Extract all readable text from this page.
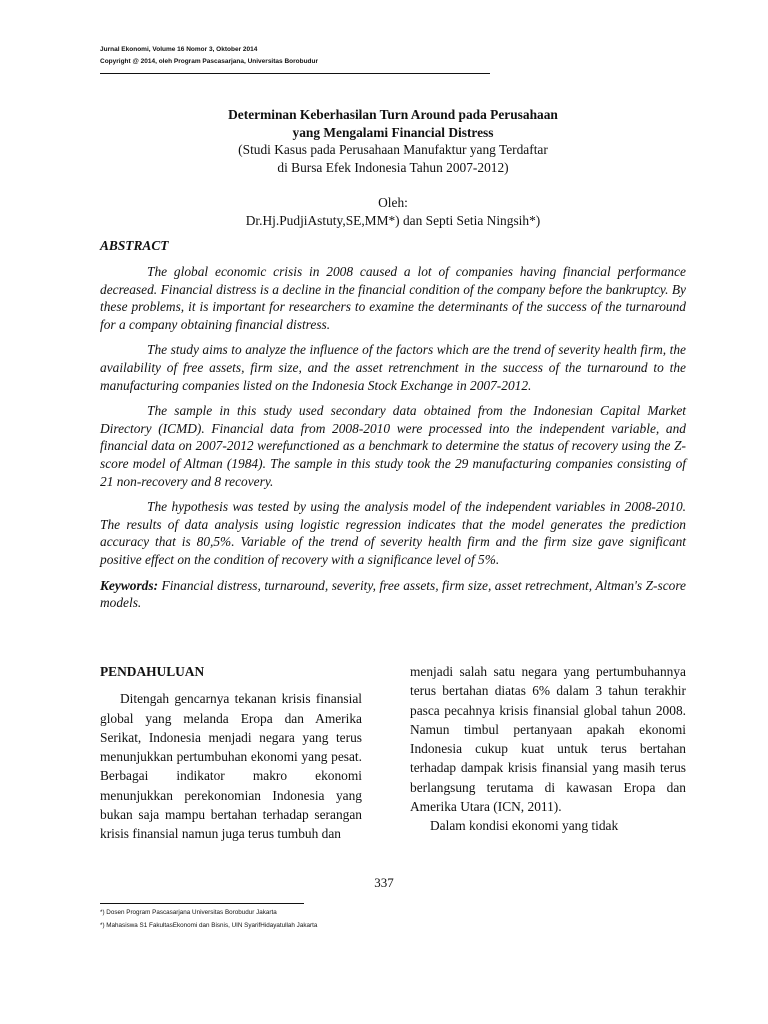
Jurnal Ekonomi, Volume 16 Nomor 3, Oktober 2014
Copyright @ 2014, oleh Program Pascasarjana, Universitas Borobudur
Determinan Keberhasilan Turn Around pada Perusahaan
yang Mengalami Financial Distress
(Studi Kasus pada Perusahaan Manufaktur yang Terdaftar
di Bursa Efek Indonesia Tahun 2007-2012)
Oleh:
Dr.Hj.PudjiAstuty,SE,MM*) dan Septi Setia Ningsih*)
ABSTRACT

The global economic crisis in 2008 caused a lot of companies having financial performance decreased. Financial distress is a decline in the financial condition of the company before the bankruptcy. By these problems, it is important for researchers to examine the determinants of the success of the turnaround for a company obtaining financial distress.

The study aims to analyze the influence of the factors which are the trend of severity health firm, the availability of free assets, firm size, and the asset retrenchment in the success of the turnaround to the manufacturing companies listed on the Indonesia Stock Exchange in 2007-2012.

The sample in this study used secondary data obtained from the Indonesian Capital Market Directory (ICMD). Financial data from 2008-2010 were processed into the independent variable, and financial data on 2007-2012 werefunctioned as a benchmark to determine the status of recovery using the Z-score model of Altman (1984). The sample in this study took the 29 manufacturing companies consisting of 21 non-recovery and 8 recovery.

The hypothesis was tested by using the analysis model of the independent variables in 2008-2010. The results of data analysis using logistic regression indicates that the model generates the prediction accuracy that is 80,5%. Variable of the trend of severity health firm and the firm size gave significant positive effect on the condition of recovery with a significance level of 5%.

Keywords: Financial distress, turnaround, severity, free assets, firm size, asset retrechment, Altman's Z-score models.

PENDAHULUAN
Ditengah gencarnya tekanan krisis finansial global yang melanda Eropa dan Amerika Serikat, Indonesia menjadi negara yang terus menunjukkan pertumbuhan ekonomi yang pesat. Berbagai indikator makro ekonomi menunjukkan perekonomian Indonesia yang bukan saja mampu bertahan terhadap serangan krisis finansial namun juga terus tumbuh dan
menjadi salah satu negara yang pertumbuhannya terus bertahan diatas 6% dalam 3 tahun terakhir pasca pecahnya krisis finansial global tahun 2008. Namun timbul pertanyaan apakah ekonomi Indonesia cukup kuat untuk terus bertahan terhadap dampak krisis finansial yang masih terus berlangsung terutama di kawasan Eropa dan Amerika Utara (ICN, 2011).
Dalam kondisi ekonomi yang tidak
337
*) Dosen Program Pascasarjana Universitas Borobudur Jakarta
*) Mahasiswa S1 FakultasEkonomi dan Bisnis, UIN SyarifHidayatullah Jakarta
